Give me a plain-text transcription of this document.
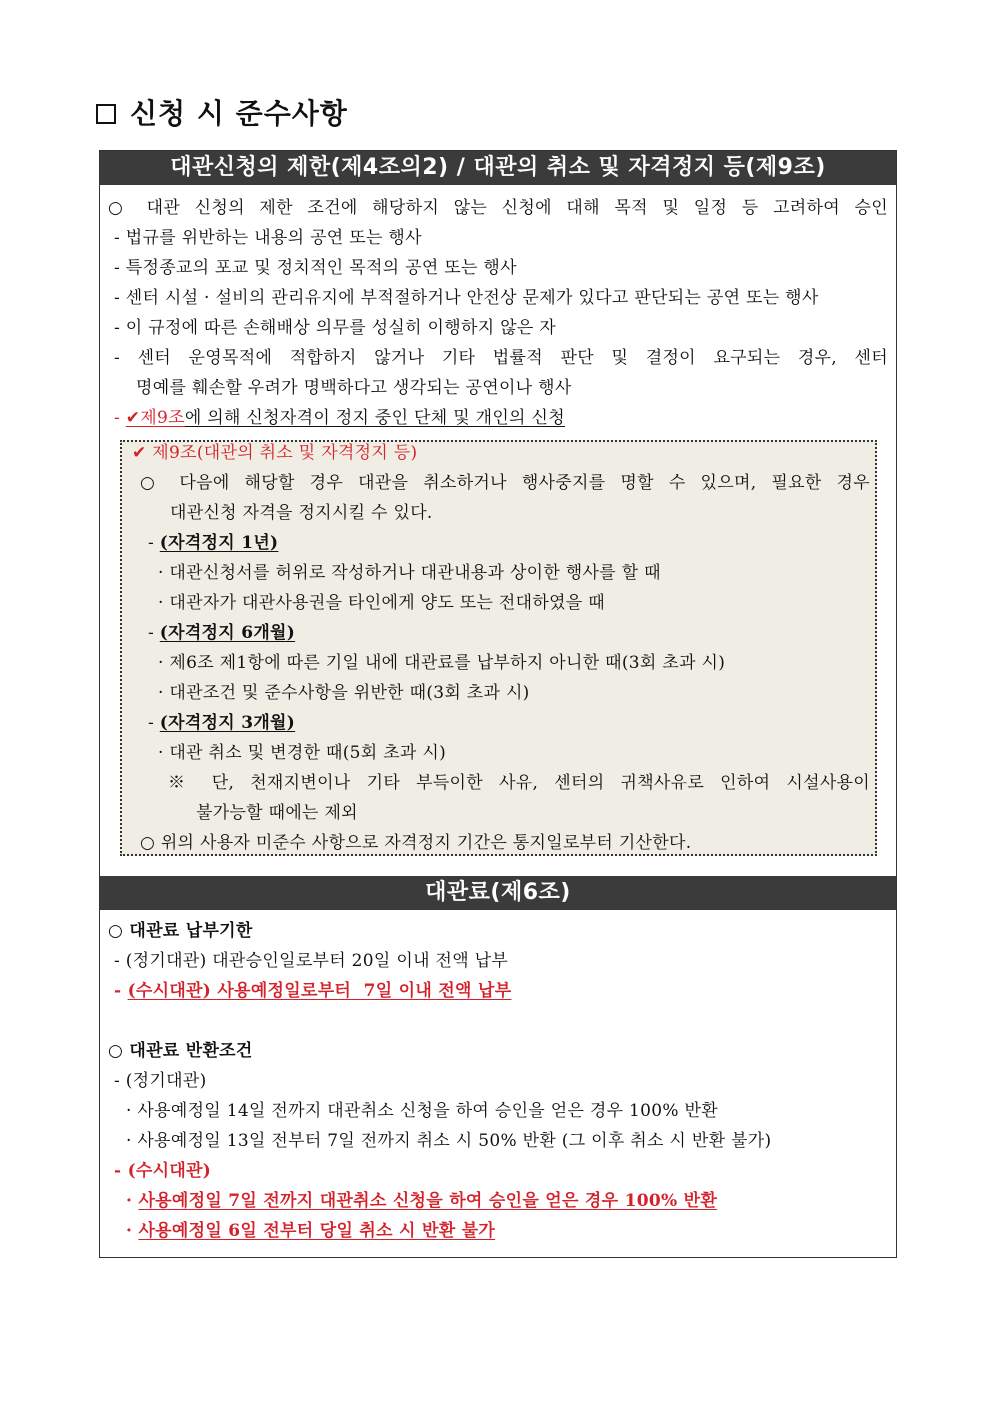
신청 시 준수사항
대관신청의 제한(제4조의2) / 대관의 취소 및 자격정지 등(제9조)
○ 대관 신청의 제한 조건에 해당하지 않는 신청에 대해 목적 및 일정 등 고려하여 승인
- 법규를 위반하는 내용의 공연 또는 행사
- 특정종교의 포교 및 정치적인 목적의 공연 또는 행사
- 센터 시설 · 설비의 관리유지에 부적절하거나 안전상 문제가 있다고 판단되는 공연 또는 행사
- 이 규정에 따른 손해배상 의무를 성실히 이행하지 않은 자
- 센터 운영목적에 적합하지 않거나 기타 법률적 판단 및 결정이 요구되는 경우, 센터
명예를 훼손할 우려가 명백하다고 생각되는 공연이나 행사
- ✔제9조에 의해 신청자격이 정지 중인 단체 및 개인의 신청
✔ 제9조(대관의 취소 및 자격정지 등)
○ 다음에 해당할 경우 대관을 취소하거나 행사중지를 명할 수 있으며, 필요한 경우
대관신청 자격을 정지시킬 수 있다.
- (자격정지 1년)
· 대관신청서를 허위로 작성하거나 대관내용과 상이한 행사를 할 때
· 대관자가 대관사용권을 타인에게 양도 또는 전대하였을 때
- (자격정지 6개월)
· 제6조 제1항에 따른 기일 내에 대관료를 납부하지 아니한 때(3회 초과 시)
· 대관조건 및 준수사항을 위반한 때(3회 초과 시)
- (자격정지 3개월)
· 대관 취소 및 변경한 때(5회 초과 시)
※ 단, 천재지변이나 기타 부득이한 사유, 센터의 귀책사유로 인하여 시설사용이
불가능할 때에는 제외
○ 위의 사용자 미준수 사항으로 자격정지 기간은 통지일로부터 기산한다.
대관료(제6조)
○ 대관료 납부기한
- (정기대관) 대관승인일로부터 20일 이내 전액 납부
- (수시대관) 사용예정일로부터  7일 이내 전액 납부
○ 대관료 반환조건
- (정기대관)
· 사용예정일 14일 전까지 대관취소 신청을 하여 승인을 얻은 경우 100% 반환
· 사용예정일 13일 전부터 7일 전까지 취소 시 50% 반환 (그 이후 취소 시 반환 불가)
- (수시대관)
· 사용예정일 7일 전까지 대관취소 신청을 하여 승인을 얻은 경우 100% 반환
· 사용예정일 6일 전부터 당일 취소 시 반환 불가
